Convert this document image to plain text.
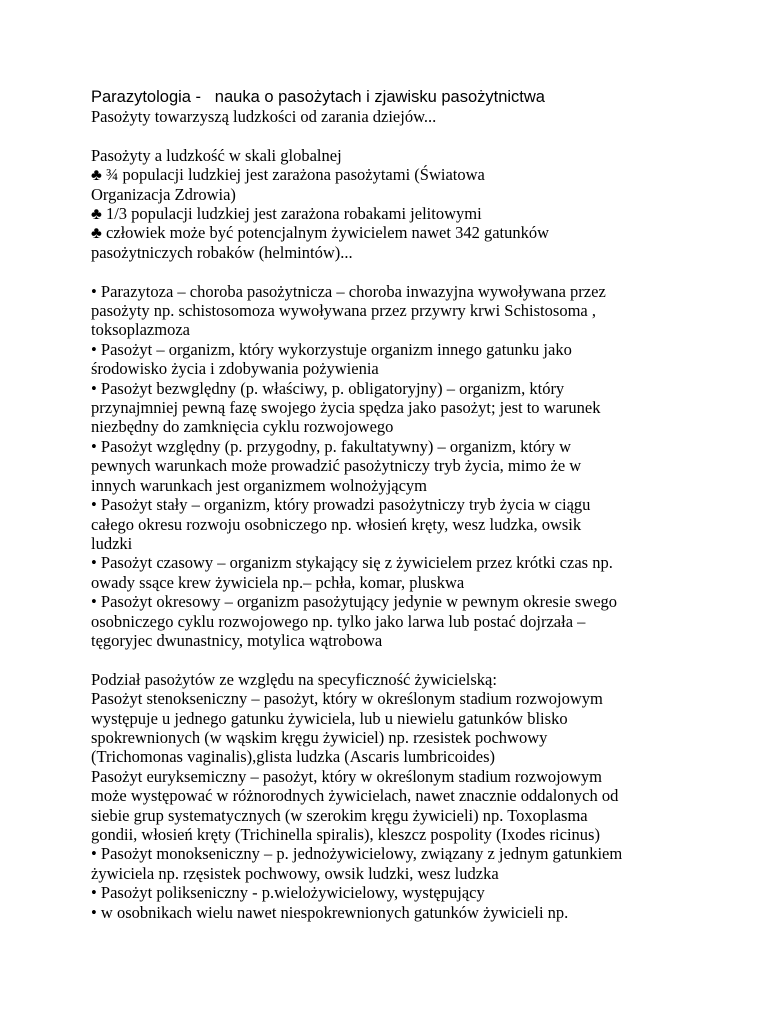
Parazytologia -   nauka o pasożytach i zjawisku pasożytnictwa

Pasożyty towarzyszą ludzkości od zarania dziejów...

Pasożyty a ludzkość w skali globalnej

♣ ¾ populacji ludzkiej jest zarażona pasożytami (Światowa

Organizacja Zdrowia)

♣ 1/3 populacji ludzkiej jest zarażona robakami jelitowymi

♣ człowiek może być potencjalnym żywicielem nawet 342 gatunków

pasożytniczych robaków (helmintów)...

• Parazytoza – choroba pasożytnicza – choroba inwazyjna wywoływana przez

pasożyty np. schistosomoza wywoływana przez przywry krwi Schistosoma ,

toksoplazmoza

• Pasożyt – organizm, który wykorzystuje organizm innego gatunku jako

środowisko życia i zdobywania pożywienia

• Pasożyt bezwględny (p. właściwy, p. obligatoryjny) – organizm, który

przynajmniej pewną fazę swojego życia spędza jako pasożyt; jest to warunek

niezbędny do zamknięcia cyklu rozwojowego

• Pasożyt względny (p. przygodny, p. fakultatywny) – organizm, który w

pewnych warunkach może prowadzić pasożytniczy tryb życia, mimo że w

innych warunkach jest organizmem wolnożyjącym

• Pasożyt stały – organizm, który prowadzi pasożytniczy tryb życia w ciągu

całego okresu rozwoju osobniczego np. włosień kręty, wesz ludzka, owsik

ludzki

• Pasożyt czasowy – organizm stykający się z żywicielem przez krótki czas np.

owady ssące krew żywiciela np.– pchła, komar, pluskwa

• Pasożyt okresowy – organizm pasożytujący jedynie w pewnym okresie swego

osobniczego cyklu rozwojowego np. tylko jako larwa lub postać dojrzała –

tęgoryjec dwunastnicy, motylica wątrobowa

Podział pasożytów ze względu na specyficzność żywicielską:

Pasożyt stenokseniczny – pasożyt, który w określonym stadium rozwojowym

występuje u jednego gatunku żywiciela, lub u niewielu gatunków blisko

spokrewnionych (w wąskim kręgu żywiciel) np. rzesistek pochwowy

(Trichomonas vaginalis),glista ludzka (Ascaris lumbricoides)

Pasożyt euryksemiczny – pasożyt, który w określonym stadium rozwojowym

może występować w różnorodnych żywicielach, nawet znacznie oddalonych od

siebie grup systematycznych (w szerokim kręgu żywicieli) np. Toxoplasma

gondii, włosień kręty (Trichinella spiralis), kleszcz pospolity (Ixodes ricinus)

• Pasożyt monokseniczny – p. jednożywicielowy, związany z jednym gatunkiem

żywiciela np. rzęsistek pochwowy, owsik ludzki, wesz ludzka

• Pasożyt polikseniczny - p.wielożywicielowy, występujący

• w osobnikach wielu nawet niespokrewnionych gatunków żywicieli np.
